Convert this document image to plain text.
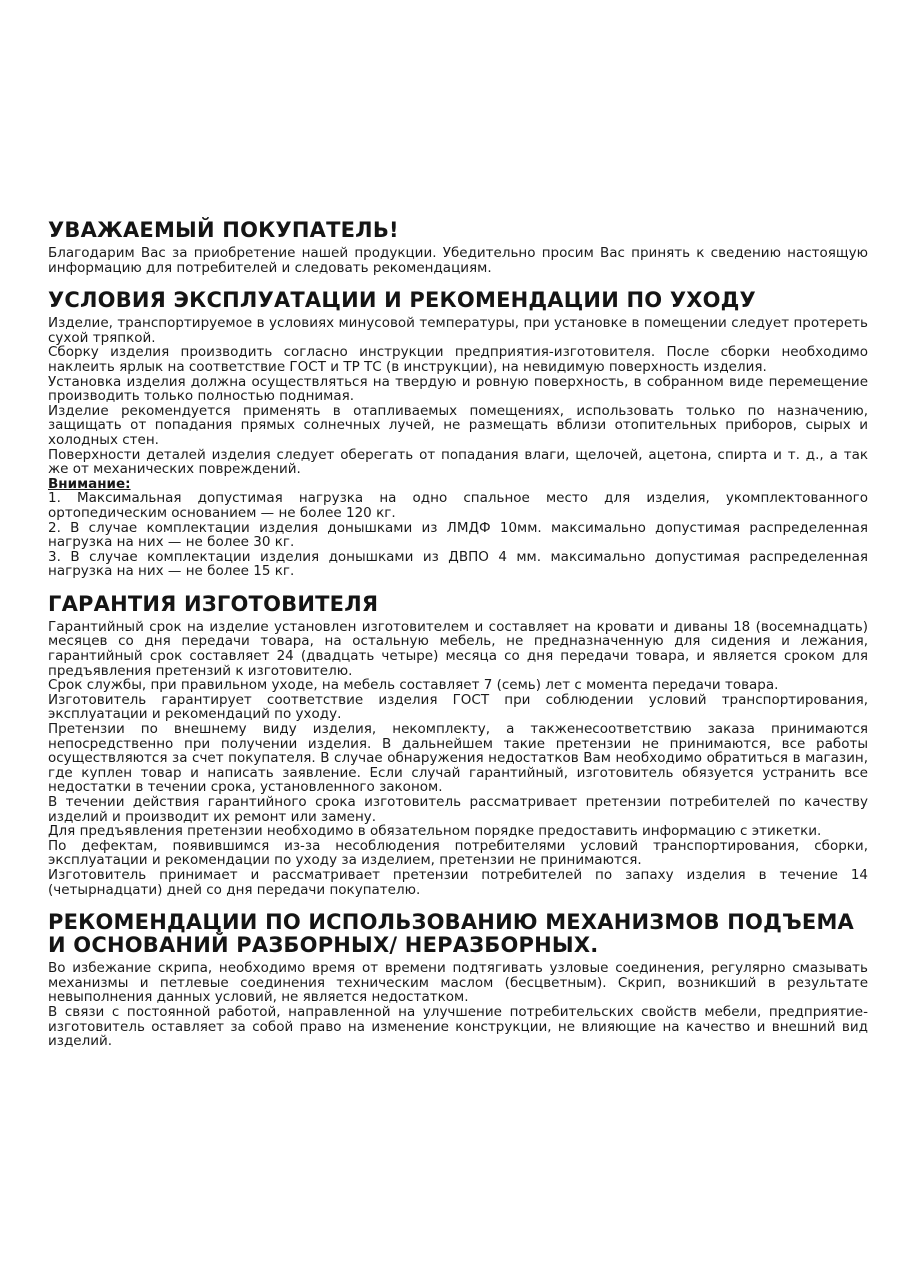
УВАЖАЕМЫЙ ПОКУПАТЕЛЬ!

Благодарим Вас за приобретение нашей продукции. Убедительно просим Вас принять к сведению настоящую информацию для потребителей и следовать рекомендациям.

УСЛОВИЯ ЭКСПЛУАТАЦИИ И РЕКОМЕНДАЦИИ ПО УХОДУ

Изделие, транспортируемое в условиях минусовой температуры, при установке в помещении следует протереть сухой тряпкой.

Сборку изделия производить согласно инструкции предприятия-изготовителя. После сборки необходимо наклеить ярлык на соответствие ГОСТ и ТР ТС (в инструкции), на невидимую поверхность изделия.

Установка изделия должна осуществляться на твердую и ровную поверхность, в собранном виде перемещение производить только полностью поднимая.

Изделие рекомендуется применять в отапливаемых помещениях, использовать только по назначению, защищать от попадания прямых солнечных лучей, не размещать вблизи отопительных приборов, сырых и холодных стен.

Поверхности деталей изделия следует оберегать от попадания влаги, щелочей, ацетона, спирта и т. д., а так же от механических повреждений.

Внимание:

1. Максимальная допустимая нагрузка на одно спальное место для изделия, укомплектованного ортопедическим основанием — не более 120 кг.

2. В случае комплектации изделия донышками из ЛМДФ 10мм. максимально допустимая распределенная нагрузка на них — не более 30 кг.

3. В случае комплектации изделия донышками из ДВПО 4 мм. максимально допустимая распределенная нагрузка на них — не более 15 кг.

ГАРАНТИЯ ИЗГОТОВИТЕЛЯ

Гарантийный срок на изделие установлен изготовителем и составляет на кровати и диваны 18 (восемнадцать) месяцев со дня передачи товара, на остальную мебель, не предназначенную для сидения и лежания, гарантийный срок составляет 24 (двадцать четыре) месяца со дня передачи товара, и является сроком для предъявления претензий к изготовителю.

Срок службы, при правильном уходе, на мебель составляет 7 (семь) лет с момента передачи товара.

Изготовитель гарантирует соответствие изделия ГОСТ при соблюдении условий транспортирования, эксплуатации и рекомендаций по уходу.

Претензии по внешнему виду изделия, некомплекту, а такженесоответствию заказа принимаются непосредственно при получении изделия. В дальнейшем такие претензии не принимаются, все работы осуществляются за счет покупателя. В случае обнаружения недостатков Вам необходимо обратиться в магазин, где куплен товар и написать заявление. Если случай гарантийный, изготовитель обязуется устранить все недостатки в течении срока, установленного законом.

В течении действия гарантийного срока изготовитель рассматривает претензии потребителей по качеству изделий и производит их ремонт или замену.

Для предъявления претензии необходимо в обязательном порядке предоставить информацию с этикетки.

По дефектам, появившимся из-за несоблюдения потребителями условий транспортирования, сборки, эксплуатации и рекомендации по уходу за изделием, претензии не принимаются.

Изготовитель принимает и рассматривает претензии потребителей по запаху изделия в течение 14 (четырнадцати) дней со дня передачи покупателю.

РЕКОМЕНДАЦИИ ПО ИСПОЛЬЗОВАНИЮ МЕХАНИЗМОВ ПОДЪЕМА
И ОСНОВАНИЙ РАЗБОРНЫХ/ НЕРАЗБОРНЫХ.

Во избежание скрипа, необходимо время от времени подтягивать узловые соединения, регулярно смазывать механизмы и петлевые соединения техническим маслом (бесцветным). Скрип, возникший в результате невыполнения данных условий, не является недостатком.

В связи с постоянной работой, направленной на улучшение потребительских свойств мебели, предприятие-изготовитель оставляет за собой право на изменение конструкции, не влияющие на качество и внешний вид изделий.
